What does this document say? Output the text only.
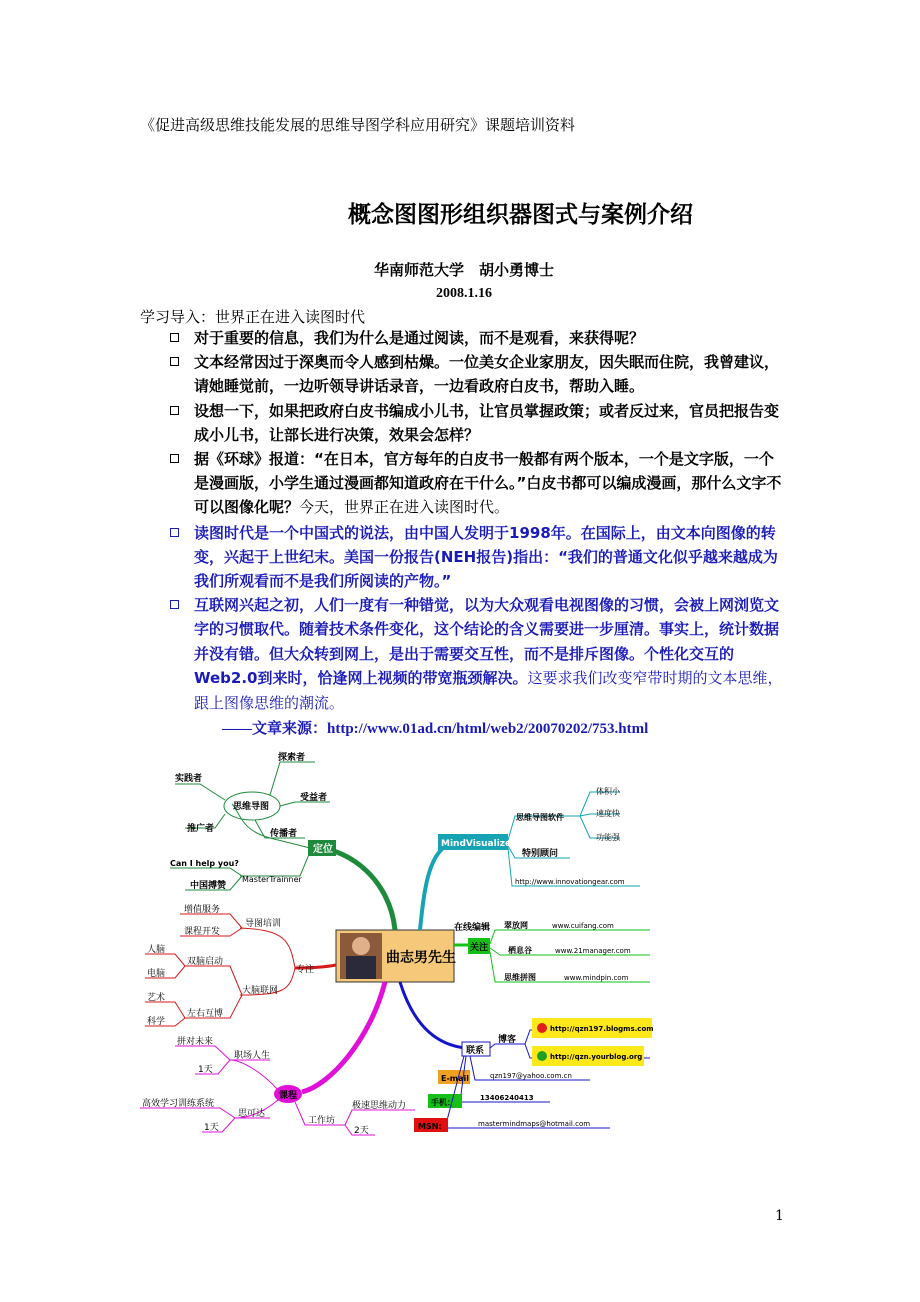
《促进高级思维技能发展的思维导图学科应用研究》课题培训资料
概念图图形组织器图式与案例介绍
华南师范大学　胡小勇博士
2008.1.16
学习导入：世界正在进入读图时代
对于重要的信息，我们为什么是通过阅读，而不是观看，来获得呢？
文本经常因过于深奥而令人感到枯燥。一位美女企业家朋友，因失眠而住院，我曾建议，请她睡觉前，一边听领导讲话录音，一边看政府白皮书，帮助入睡。
设想一下，如果把政府白皮书编成小儿书，让官员掌握政策；或者反过来，官员把报告变成小儿书，让部长进行决策，效果会怎样？
据《环球》报道：“在日本，官方每年的白皮书一般都有两个版本，一个是文字版，一个是漫画版，小学生通过漫画都知道政府在干什么。”白皮书都可以编成漫画，那什么文字不可以图像化呢？今天，世界正在进入读图时代。
读图时代是一个中国式的说法，由中国人发明于1998年。在国际上，由文本向图像的转变，兴起于上世纪末。美国一份报告(NEH报告)指出：“我们的普通文化似乎越来越成为我们所观看而不是我们所阅读的产物。”
互联网兴起之初，人们一度有一种错觉，以为大众观看电视图像的习惯，会被上网浏览文字的习惯取代。随着技术条件变化，这个结论的含义需要进一步厘清。事实上，统计数据并没有错。但大众转到网上，是出于需要交互性，而不是排斥图像。个性化交互的Web2.0到来时，恰逢网上视频的带宽瓶颈解决。这要求我们改变窄带时期的文本思维，跟上图像思维的潮流。
——文章来源：http://www.01ad.cn/html/web2/20070202/753.html
曲志男先生
定位
思维导图
探索者
实践者
受益者
推广者	传播者
MasterTrainner
Can I help you?
中国搏赞
MindVisualizer
思维导图软件
体积小
速度快
功能强
特别顾问
http://www.innovationgear.com
关注
在线编辑 翠放网	www.cuifang.com
栖息谷	www.21manager.com
思维拼图	www.mindpin.com
联系
博客
http://qzn197.blogms.com
http://qzn.yourblog.org
E-mail	qzn197@yahoo.com.cn
手机：	13406240413
MSN:	mastermindmaps@hotmail.com
专注
导图培训
增值服务
课程开发
大脑联网
双脑启动
人脑
电脑
左右互博
艺术
科学
课程
职场人生
拼对未来
1天
思可达
高效学习训练系统
1天
工作坊
极速思维动力
2天
1
